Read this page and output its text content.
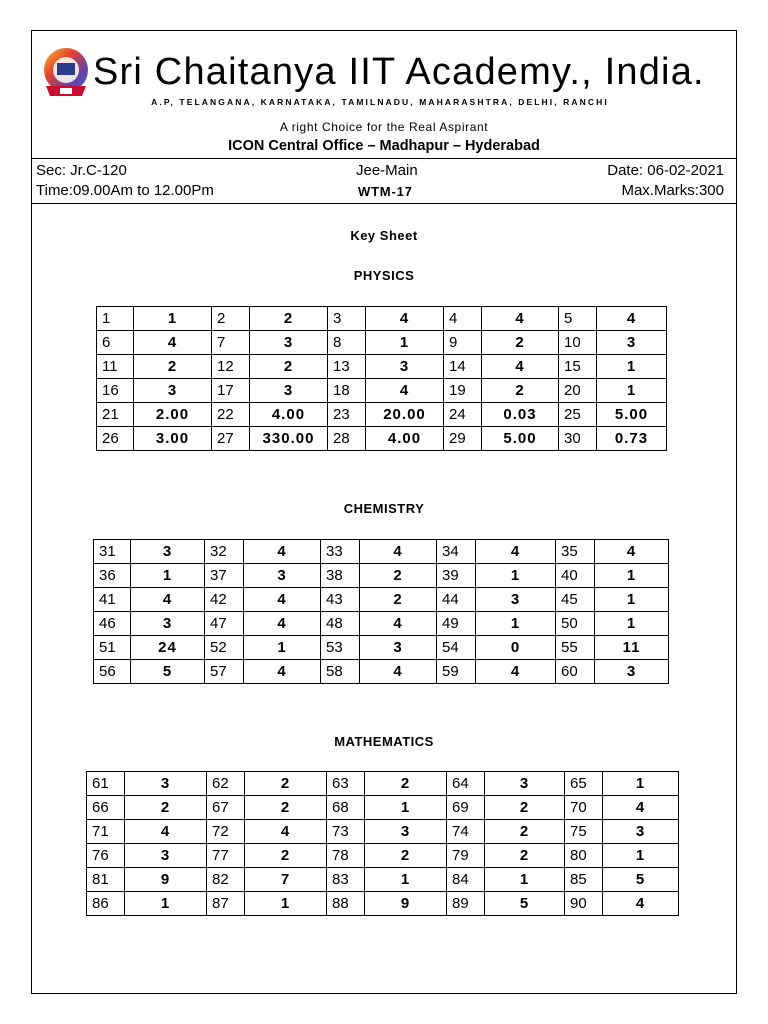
Sri Chaitanya IIT Academy., India.
A.P, TELANGANA, KARNATAKA, TAMILNADU, MAHARASHTRA, DELHI, RANCHI
A right Choice for the Real Aspirant
ICON Central Office – Madhapur – Hyderabad
Sec: Jr.C-120	Jee-Main	Date: 06-02-2021
Time:09.00Am to 12.00Pm	WTM-17	Max.Marks:300
Key Sheet
PHYSICS
1	1	2	2	3	4	4	4	5	4
6	4	7	3	8	1	9	2	10	3
11	2	12	2	13	3	14	4	15	1
16	3	17	3	18	4	19	2	20	1
21	2.00	22	4.00	23	20.00	24	0.03	25	5.00
26	3.00	27	330.00	28	4.00	29	5.00	30	0.73
CHEMISTRY
31	3	32	4	33	4	34	4	35	4
36	1	37	3	38	2	39	1	40	1
41	4	42	4	43	2	44	3	45	1
46	3	47	4	48	4	49	1	50	1
51	24	52	1	53	3	54	0	55	11
56	5	57	4	58	4	59	4	60	3
MATHEMATICS
61	3	62	2	63	2	64	3	65	1
66	2	67	2	68	1	69	2	70	4
71	4	72	4	73	3	74	2	75	3
76	3	77	2	78	2	79	2	80	1
81	9	82	7	83	1	84	1	85	5
86	1	87	1	88	9	89	5	90	4
